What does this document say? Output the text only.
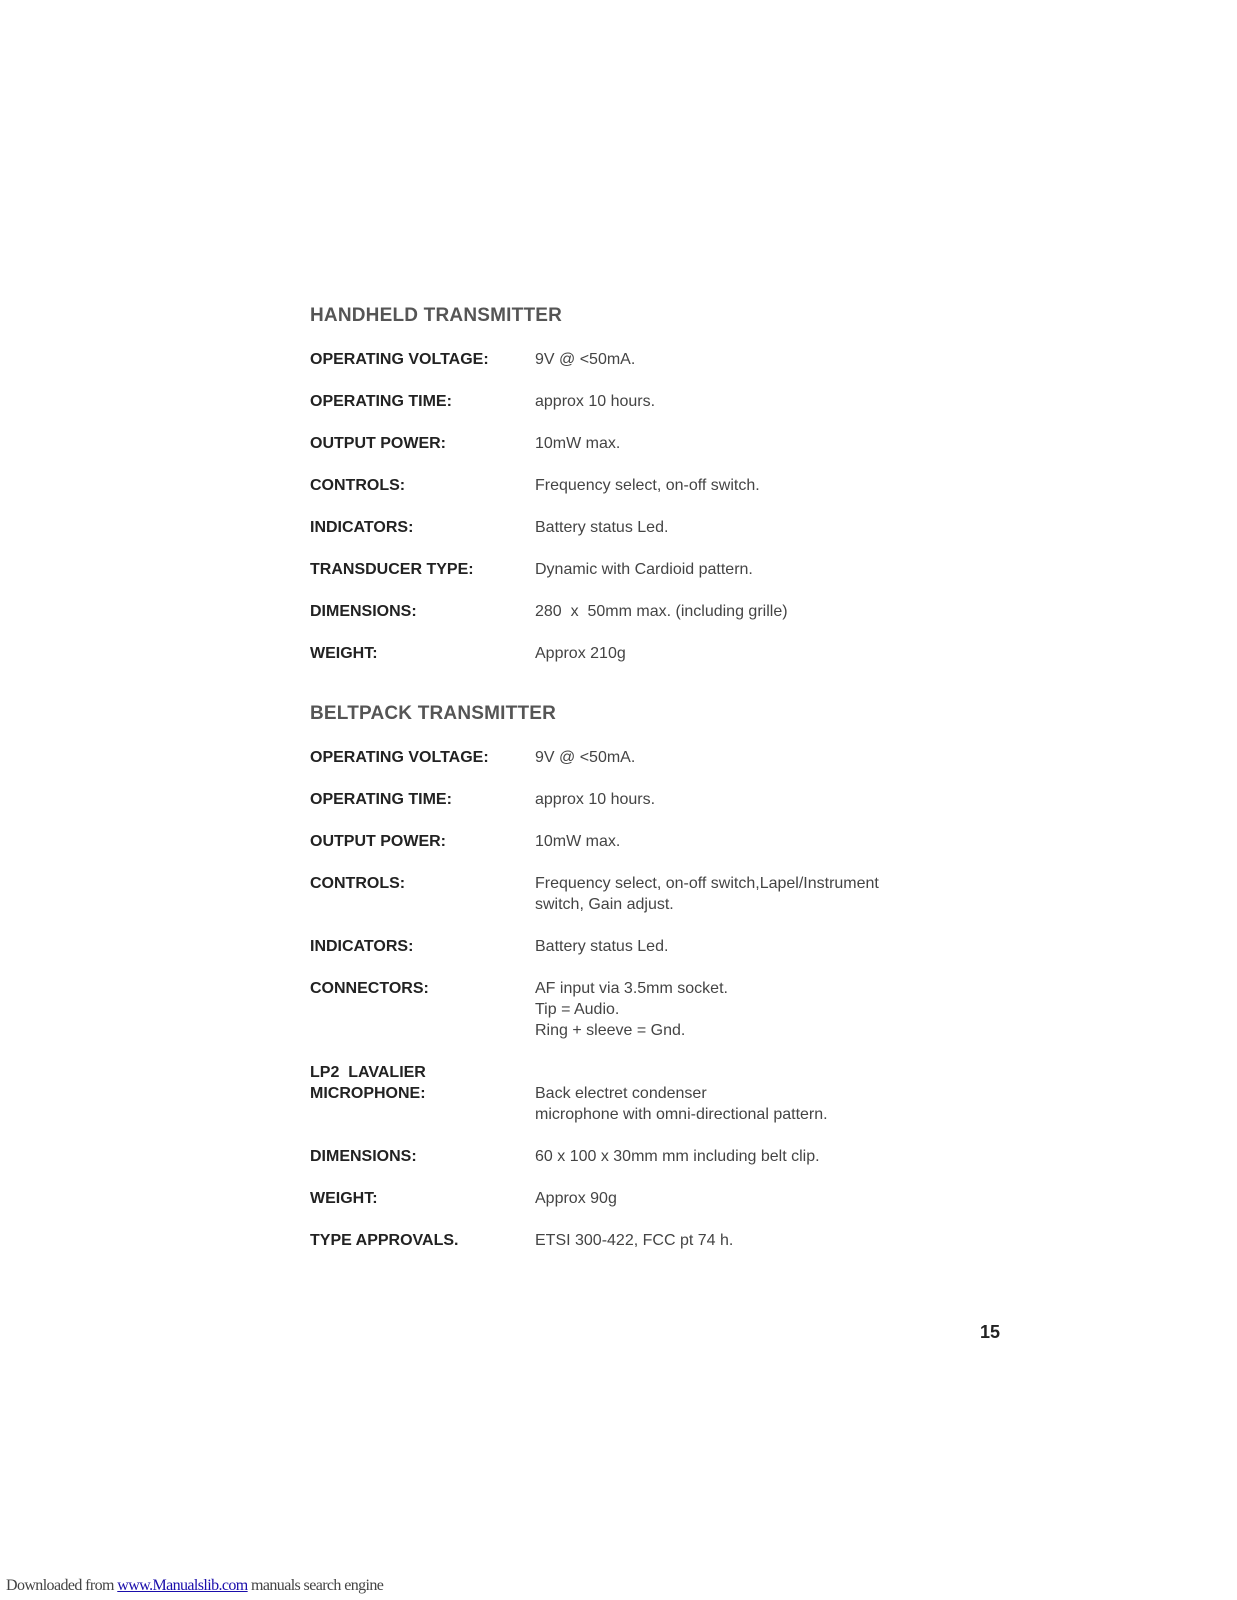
HANDHELD TRANSMITTER
OPERATING VOLTAGE:	9V @ <50mA.
OPERATING TIME:	approx 10 hours.
OUTPUT POWER:	10mW max.
CONTROLS:	Frequency select, on-off switch.
INDICATORS:	Battery status Led.
TRANSDUCER TYPE:	Dynamic with Cardioid pattern.
DIMENSIONS:	280  x  50mm max. (including grille)
WEIGHT:	Approx 210g
BELTPACK TRANSMITTER
OPERATING VOLTAGE:	9V @ <50mA.
OPERATING TIME:	approx 10 hours.
OUTPUT POWER:	10mW max.
CONTROLS:	Frequency select, on-off switch,Lapel/Instrument
switch, Gain adjust.
INDICATORS:	Battery status Led.
CONNECTORS:	AF input via 3.5mm socket.
Tip = Audio.
Ring + sleeve = Gnd.
LP2  LAVALIER
MICROPHONE:	Back electret condenser
microphone with omni-directional pattern.
DIMENSIONS:	60 x 100 x 30mm mm including belt clip.
WEIGHT:	Approx 90g
TYPE APPROVALS.	ETSI 300-422, FCC pt 74 h.
15
Downloaded from www.Manualslib.com manuals search engine
